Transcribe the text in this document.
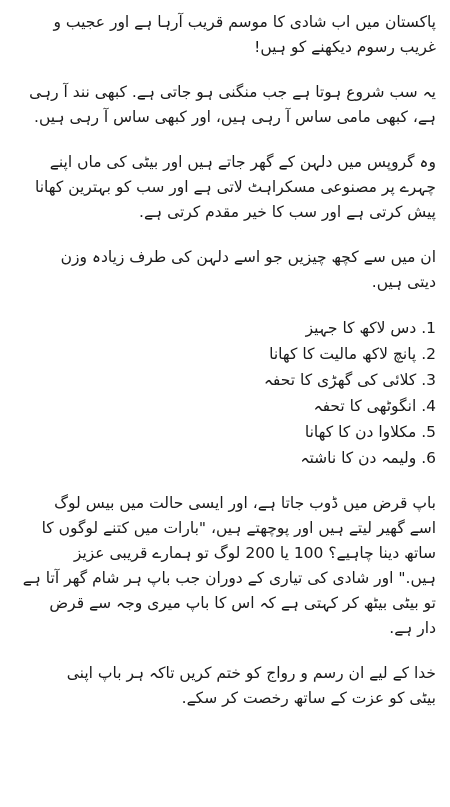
پاکستان میں اب شادی کا موسم قریب آرہا ہے اور عجیب و
غریب رسوم دیکھنے کو ہیں!
یہ سب شروع ہوتا ہے جب منگنی ہو جاتی ہے. کبھی نند آ رہی
ہے، کبھی مامی ساس آ رہی ہیں، اور کبھی ساس آ رہی ہیں.
وہ گروپس میں دلہن کے گھر جاتے ہیں اور بیٹی کی ماں اپنے
چہرے پر مصنوعی مسکراہٹ لاتی ہے اور سب کو بہترین کھانا
پیش کرتی ہے اور سب کا خیر مقدم کرتی ہے.
ان میں سے کچھ چیزیں جو اسے دلہن کی طرف زیادہ وزن
دیتی ہیں.
1. دس لاکھ کا جہیز
2. پانچ لاکھ مالیت کا کھانا
3. کلائی کی گھڑی کا تحفہ
4. انگوٹھی کا تحفہ
5. مکلاوا دن کا کھانا
6. ولیمہ دن کا ناشتہ
باپ قرض میں ڈوب جاتا ہے، اور ایسی حالت میں بیس لوگ
اسے گھیر لیتے ہیں اور پوچھتے ہیں، "بارات میں کتنے لوگوں کا
ساتھ دینا چاہیے؟ 100 یا 200 لوگ تو ہمارے قریبی عزیز
ہیں." اور شادی کی تیاری کے دوران جب باپ ہر شام گھر آتا ہے
تو بیٹی بیٹھ کر کہتی ہے کہ اس کا باپ میری وجہ سے قرض
دار ہے.
خدا کے لیے ان رسم و رواج کو ختم کریں تاکہ ہر باپ اپنی
بیٹی کو عزت کے ساتھ رخصت کر سکے.
